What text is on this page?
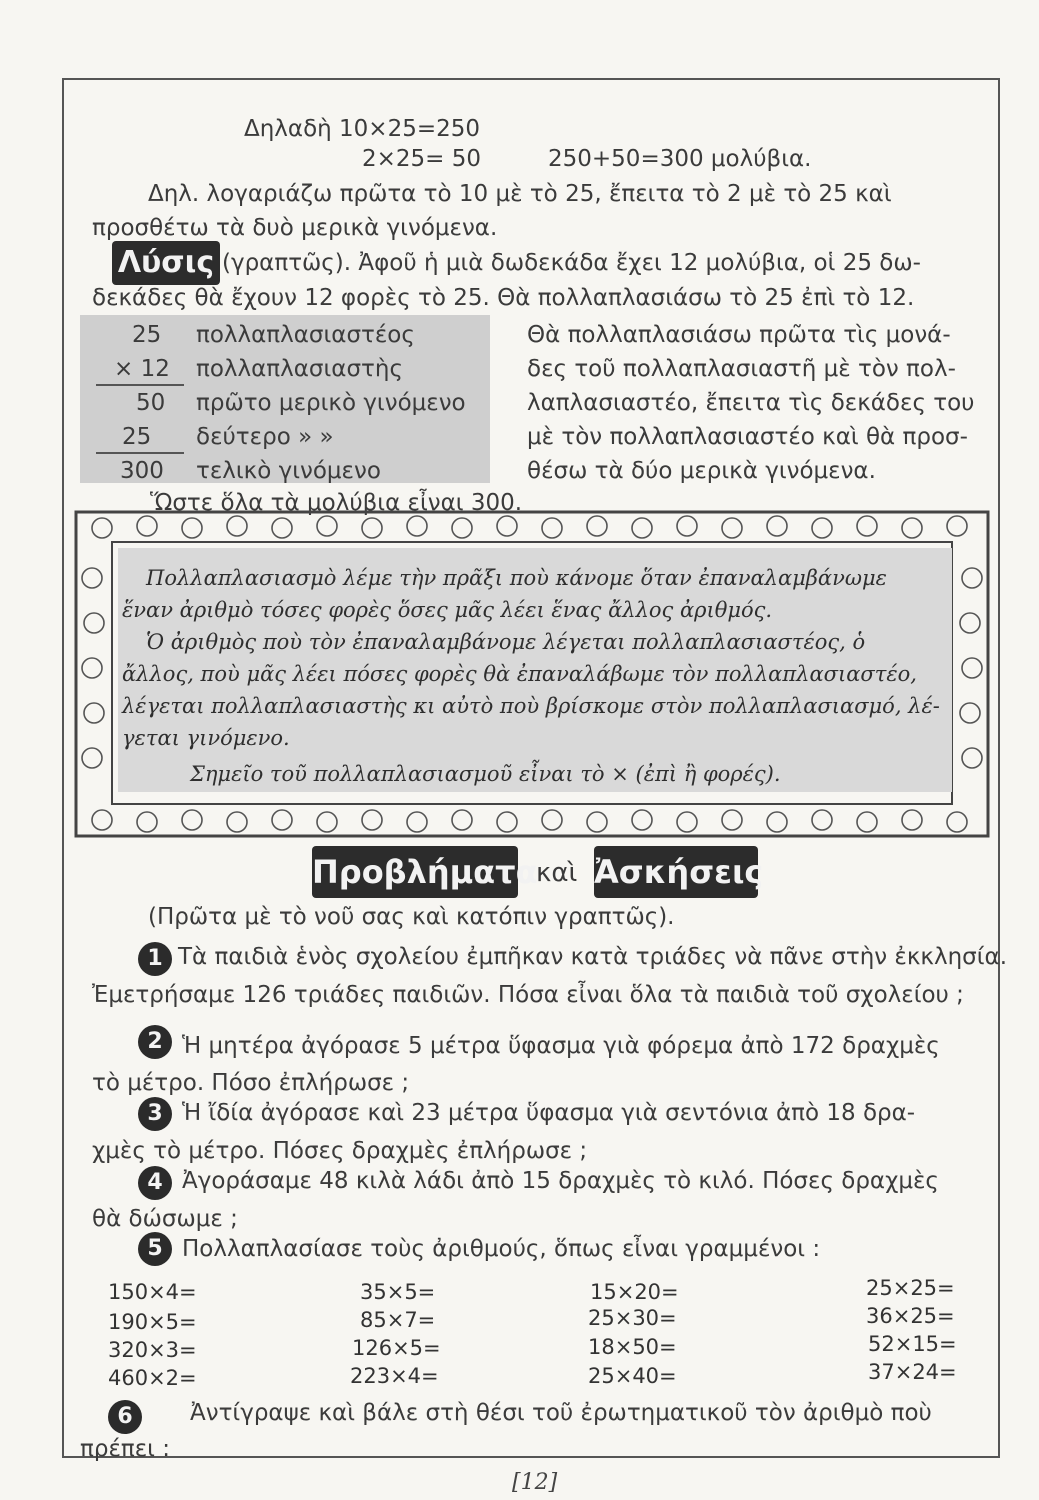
Δηλαδὴ 10×25=250
2×25= 50	250+50=300 μολύβια.
Δηλ. λογαριάζω πρῶτα τὸ 10 μὲ τὸ 25, ἔπειτα τὸ 2 μὲ τὸ 25 καὶ
προσθέτω τὰ δυὸ μερικὰ γινόμενα.
Λύσις (γραπτῶς). Ἀφοῦ ἡ μιὰ δωδεκάδα ἔχει 12 μολύβια, οἱ 25 δω-
δεκάδες θὰ ἔχουν 12 φορὲς τὸ 25. Θὰ πολλαπλασιάσω τὸ 25 ἐπὶ τὸ 12.
25 πολλαπλασιαστέος
× 12 πολλαπλασιαστὴς
50 πρῶτο μερικὸ γινόμενο
25 δεύτερο » »
300 τελικὸ γινόμενο
Θὰ πολλαπλασιάσω πρῶτα τὶς μονά-
δες τοῦ πολλαπλασιαστῆ μὲ τὸν πολ-
λαπλασιαστέο, ἔπειτα τὶς δεκάδες του
μὲ τὸν πολλαπλασιαστέο καὶ θὰ προσ-
θέσω τὰ δύο μερικὰ γινόμενα.
Ὥστε ὅλα τὰ μολύβια εἶναι 300.
Πολλαπλασιασμὸ λέμε τὴν πρᾶξι ποὺ κάνομε ὅταν ἐπαναλαμβάνωμε
ἕναν ἀριθμὸ τόσες φορὲς ὅσες μᾶς λέει ἕνας ἄλλος ἀριθμός.
Ὁ ἀριθμὸς ποὺ τὸν ἐπαναλαμβάνομε λέγεται πολλαπλασιαστέος, ὁ
ἄλλος, ποὺ μᾶς λέει πόσες φορὲς θὰ ἐπαναλάβωμε τὸν πολλαπλασιαστέο,
λέγεται πολλαπλασιαστὴς κι αὐτὸ ποὺ βρίσκομε στὸν πολλαπλασιασμό, λέ-
γεται γινόμενο.
Σημεῖο τοῦ πολλαπλασιασμοῦ εἶναι τὸ × (ἐπὶ ἢ φορές).
Προβλήματα
καὶ Ἀσκήσεις
(Πρῶτα μὲ τὸ νοῦ σας καὶ κατόπιν γραπτῶς).
1 Τὰ παιδιὰ ἑνὸς σχολείου ἐμπῆκαν κατὰ τριάδες νὰ πᾶνε στὴν ἐκκλησία.
Ἐμετρήσαμε 126 τριάδες παιδιῶν. Πόσα εἶναι ὅλα τὰ παιδιὰ τοῦ σχολείου ;
2 Ἡ μητέρα ἀγόρασε 5 μέτρα ὕφασμα γιὰ φόρεμα ἀπὸ 172 δραχμὲς
τὸ μέτρο. Πόσο ἐπλήρωσε ;
3 Ἡ ἴδία ἀγόρασε καὶ 23 μέτρα ὕφασμα γιὰ σεντόνια ἀπὸ 18 δρα-
χμὲς τὸ μέτρο. Πόσες δραχμὲς ἐπλήρωσε ;
4 Ἀγοράσαμε 48 κιλὰ λάδι ἀπὸ 15 δραχμὲς τὸ κιλό. Πόσες δραχμὲς
θὰ δώσωμε ;
5 Πολλαπλασίασε τοὺς ἀριθμούς, ὅπως εἶναι γραμμένοι :
150×4=	35×5=	15×20=	25×25=
190×5=	85×7=	25×30=	36×25=
320×3=	126×5=	18×50=	52×15=
460×2=	223×4=	25×40=	37×24=
6	Ἀντίγραψε καὶ βάλε στὴ θέσι τοῦ ἐρωτηματικοῦ τὸν ἀριθμὸ ποὺ
πρέπει :
[12]
